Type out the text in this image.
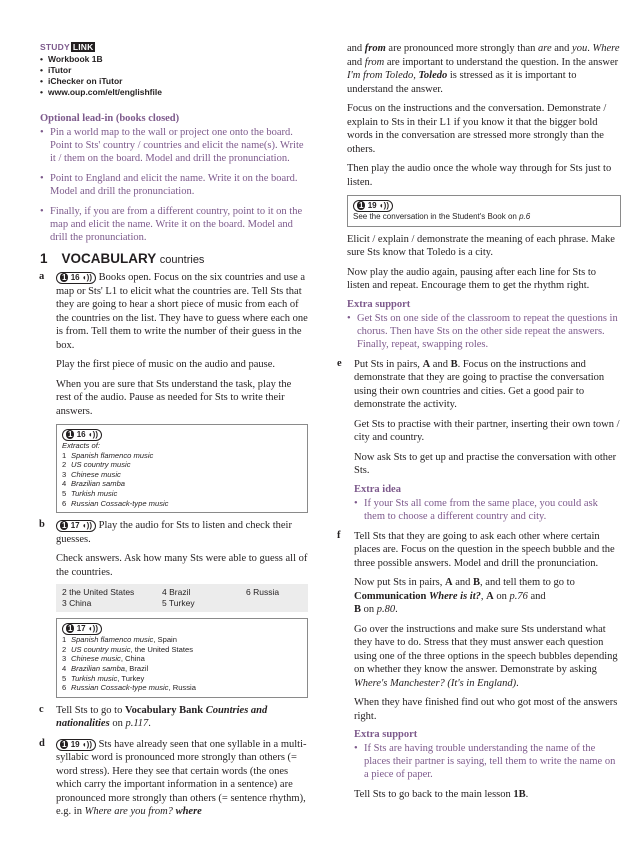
STUDY LINK
• Workbook 1B
• iTutor
• iChecker on iTutor
• www.oup.com/elt/englishfile
Optional lead-in (books closed)
• Pin a world map to the wall or project one onto the board. Point to Sts' country / countries and elicit the name(s). Write it / them on the board. Model and drill the pronunciation.
• Point to England and elicit the name. Write it on the board. Model and drill the pronunciation.
• Finally, if you are from a different country, point to it on the map and elicit the name. Write it on the board. Model and drill the pronunciation.
1 VOCABULARY countries
a	1 16 ◖)) Books open. Focus on the six countries and use a map or Sts' L1 to elicit what the countries are. Tell Sts that they are going to hear a short piece of music from each of the countries on the list. They have to guess where each one is from. Tell them to write the number of their guess in the box.

Play the first piece of music on the audio and pause.

When you are sure that Sts understand the task, play the rest of the audio. Pause as needed for Sts to write their answers.

1 16 ◖))
Extracts of:
1 Spanish flamenco music
2 US country music
3 Chinese music
4 Brazilian samba
5 Turkish music
6 Russian Cossack-type music
b	1 17 ◖)) Play the audio for Sts to listen and check their guesses.

Check answers. Ask how many Sts were able to guess all of the countries.

2 the United States	4 Brazil	6 Russia
3 China	5 Turkey
1 17 ◖))
1 Spanish flamenco music, Spain
2 US country music, the United States
3 Chinese music, China
4 Brazilian samba, Brazil
5 Turkish music, Turkey
6 Russian Cossack-type music, Russia
c	Tell Sts to go to Vocabulary Bank Countries and nationalities on p.117.

d	1 19 ◖)) Sts have already seen that one syllable in a multi-syllabic word is pronounced more strongly than others (= word stress). Here they see that certain words (the ones which carry the important information in a sentence) are pronounced more strongly than others (= sentence rhythm), e.g. in Where are you from? where

and from are pronounced more strongly than are and you. Where and from are important to understand the question. In the answer I'm from Toledo, Toledo is stressed as it is important to understand the answer.

Focus on the instructions and the conversation. Demonstrate / explain to Sts in their L1 if you know it that the bigger bold words in the conversation are stressed more strongly than the others.

Then play the audio once the whole way through for Sts just to listen.

1 19 ◖))
See the conversation in the Student's Book on p.6

Elicit / explain / demonstrate the meaning of each phrase. Make sure Sts know that Toledo is a city.

Now play the audio again, pausing after each line for Sts to listen and repeat. Encourage them to get the rhythm right.

Extra support
• Get Sts on one side of the classroom to repeat the questions in chorus. Then have Sts on the other side repeat the answers. Finally, repeat, swapping roles.
e	Put Sts in pairs, A and B. Focus on the instructions and demonstrate that they are going to practise the conversation using their own countries and cities. Get a good pair to demonstrate the activity.

Get Sts to practise with their partner, inserting their own town / city and country.

Now ask Sts to get up and practise the conversation with other Sts.

Extra idea
• If your Sts all come from the same place, you could ask them to choose a different country and city.
f	Tell Sts that they are going to ask each other where certain places are. Focus on the question in the speech bubble and the three possible answers. Model and drill the pronunciation.

Now put Sts in pairs, A and B, and tell them to go to Communication Where is it?, A on p.76 and
B on p.80.

Go over the instructions and make sure Sts understand what they have to do. Stress that they must answer each question using one of the three options in the speech bubbles depending on whether they know the answer. Demonstrate by asking Where's Manchester? (It's in England).

When they have finished find out who got most of the answers right.

Extra support
• If Sts are having trouble understanding the name of the places their partner is saying, tell them to write the name on a piece of paper.

Tell Sts to go back to the main lesson 1B.
